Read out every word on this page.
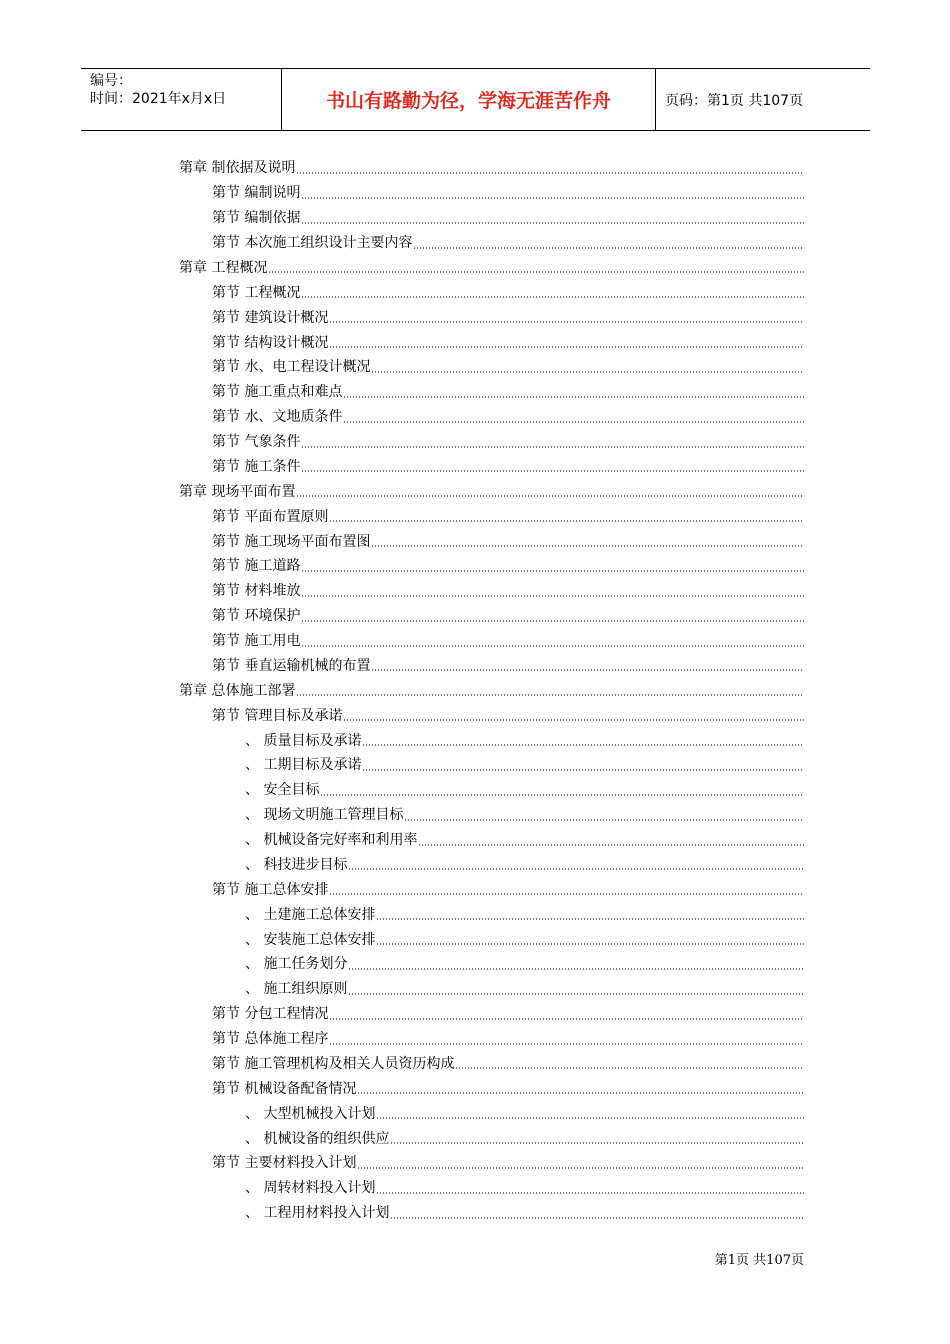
编号：
时间：2021年x月x日	书山有路勤为径，学海无涯苦作舟	页码：第1页 共107页
第章 制依据及说明
第节 编制说明
第节 编制依据
第节 本次施工组织设计主要内容
第章 工程概况
第节 工程概况
第节 建筑设计概况
第节 结构设计概况
第节 水、电工程设计概况
第节 施工重点和难点
第节 水、文地质条件
第节 气象条件
第节 施工条件
第章 现场平面布置
第节 平面布置原则
第节 施工现场平面布置图
第节 施工道路
第节 材料堆放
第节 环境保护
第节 施工用电
第节 垂直运输机械的布置
第章 总体施工部署
第节 管理目标及承诺
、 质量目标及承诺
、 工期目标及承诺
、 安全目标
、 现场文明施工管理目标
、 机械设备完好率和利用率
、 科技进步目标
第节 施工总体安排
、 土建施工总体安排
、 安装施工总体安排
、 施工任务划分
、 施工组织原则
第节 分包工程情况
第节 总体施工程序
第节 施工管理机构及相关人员资历构成
第节 机械设备配备情况
、 大型机械投入计划
、 机械设备的组织供应
第节 主要材料投入计划
、 周转材料投入计划
、 工程用材料投入计划
第1页 共107页
